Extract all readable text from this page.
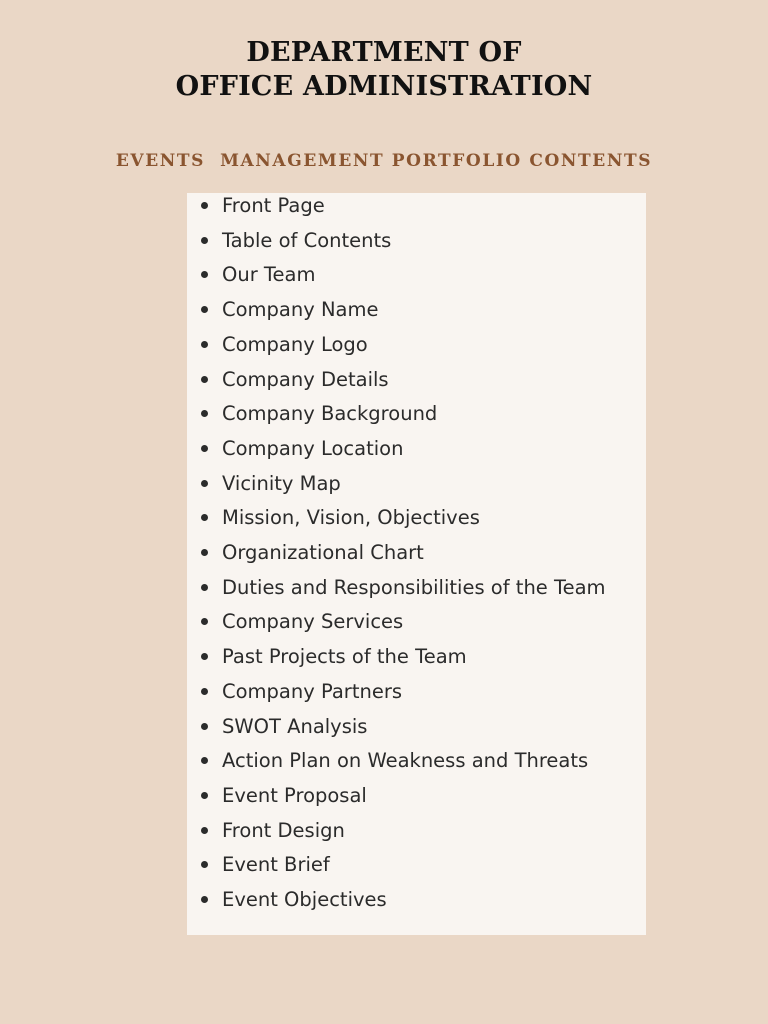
DEPARTMENT OF
OFFICE ADMINISTRATION
EVENTS  MANAGEMENT PORTFOLIO CONTENTS
Front Page
Table of Contents
Our Team
Company Name
Company Logo
Company Details
Company Background
Company Location
Vicinity Map
Mission, Vision, Objectives
Organizational Chart
Duties and Responsibilities of the Team
Company Services
Past Projects of the Team
Company Partners
SWOT Analysis
Action Plan on Weakness and Threats
Event Proposal
Front Design
Event Brief
Event Objectives
